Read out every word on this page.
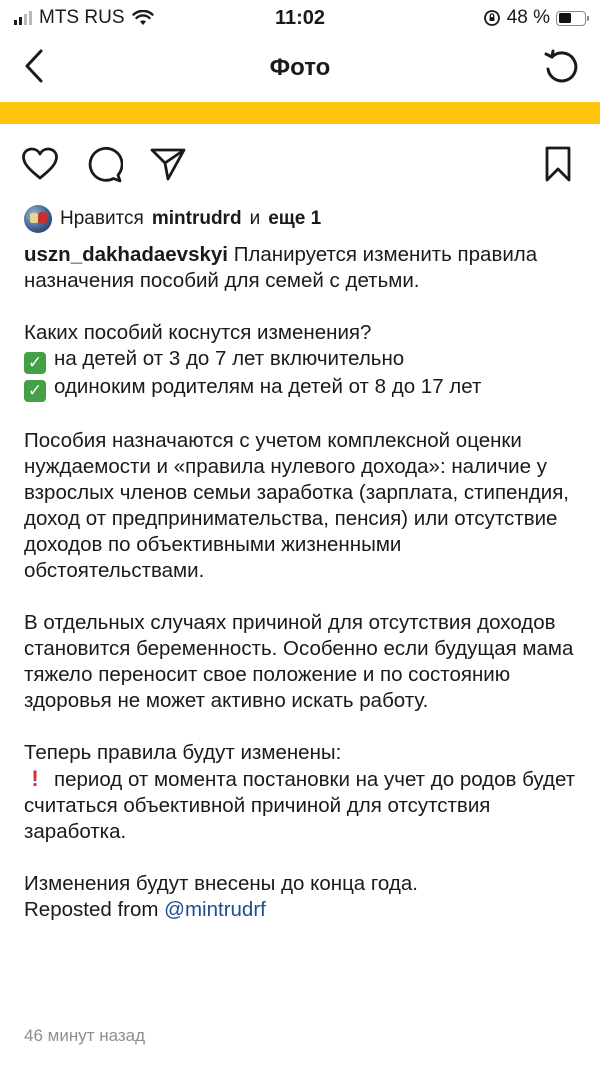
MTS RUS	11:02	48 %
Фото
Нравится mintrudrd и еще 1

uszn_dakhadaevskyi Планируется изменить правила назначения пособий для семей с детьми.

Каких пособий коснутся изменения?

✓ на детей от 3 до 7 лет включительно

✓ одиноким родителям на детей от 8 до 17 лет

Пособия назначаются с учетом комплексной оценки нуждаемости и «правила нулевого дохода»: наличие у взрослых членов семьи заработка (зарплата, стипендия, доход от предпринимательства, пенсия) или отсутствие доходов по объективными жизненными обстоятельствами.

В отдельных случаях причиной для отсутствия доходов становится беременность. Особенно если будущая мама тяжело переносит свое положение и по состоянию здоровья не может активно искать работу.

Теперь правила будут изменены:

! период от момента постановки на учет до родов будет считаться объективной причиной для отсутствия заработка.

Изменения будут внесены до конца года.

Reposted from @mintrudrf

46 минут назад
